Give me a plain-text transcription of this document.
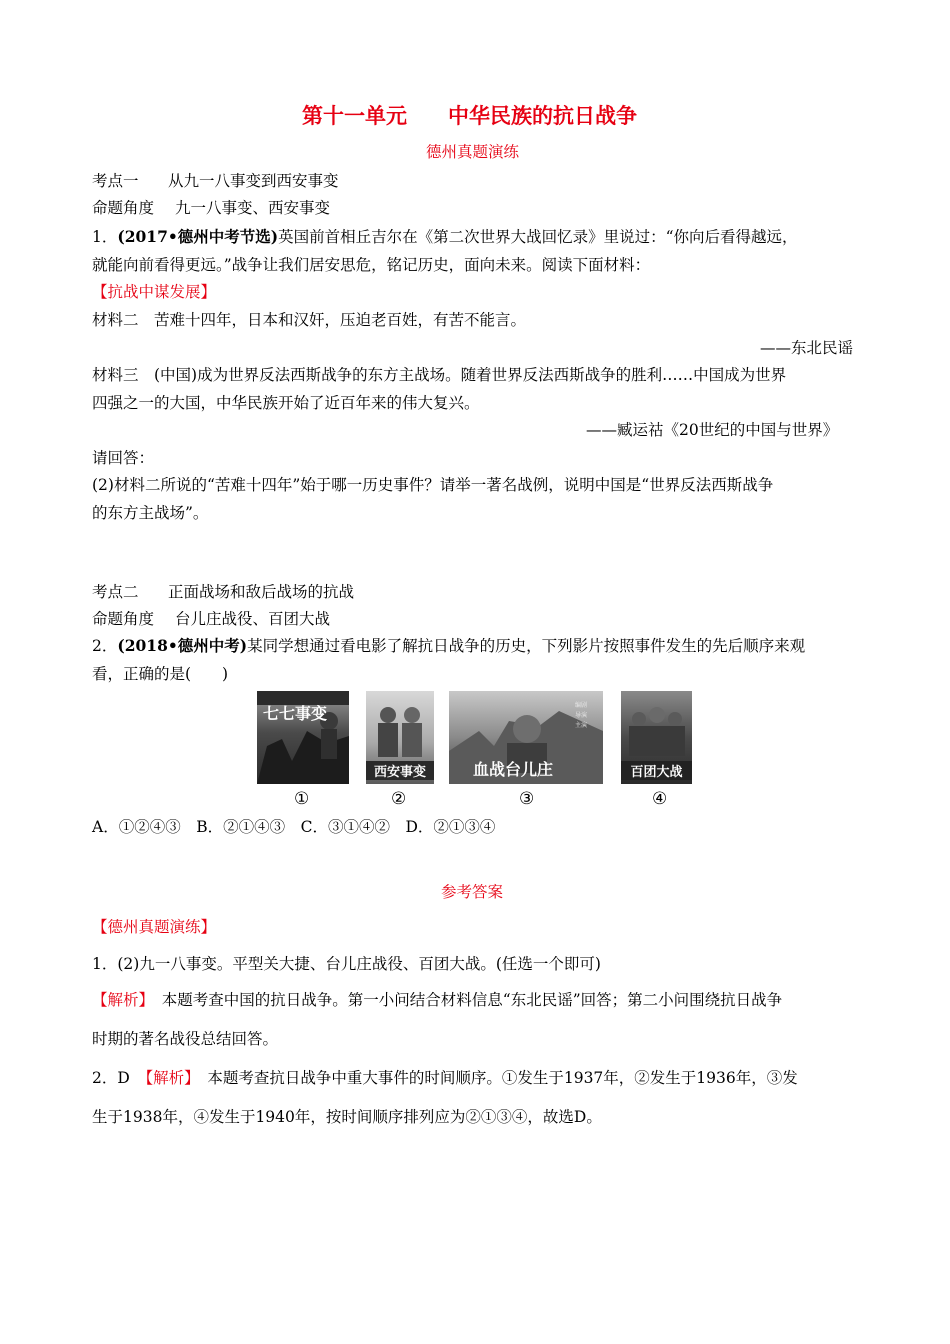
第十一单元 中华民族的抗日战争
德州真题演练
考点一 从九一八事变到西安事变
命题角度 九一八事变、西安事变
1．(2017•德州中考节选)英国前首相丘吉尔在《第二次世界大战回忆录》里说过：“你向后看得越远，
就能向前看得更远。”战争让我们居安思危，铭记历史，面向未来。阅读下面材料：
【抗战中谋发展】
材料二　苦难十四年，日本和汉奸，压迫老百姓，有苦不能言。
——东北民谣
材料三　(中国)成为世界反法西斯战争的东方主战场。随着世界反法西斯战争的胜利……中国成为世界
四强之一的大国，中华民族开始了近百年来的伟大复兴。
——臧运祜《20世纪的中国与世界》
请回答：
(2)材料二所说的“苦难十四年”始于哪一历史事件？请举一著名战例，说明中国是“世界反法西斯战争
的东方主战场”。
考点二 正面战场和敌后战场的抗战
命题角度 台儿庄战役、百团大战
2．(2018•德州中考)某同学想通过看电影了解抗日战争的历史，下列影片按照事件发生的先后顺序来观
看，正确的是(　　)
七七事变
①
西安事变
②
编剧
导演
主演
血战台儿庄
③
百团大战
④
A．①②④③　B．②①④③　C．③①④②　D．②①③④
参考答案
【德州真题演练】
1．(2)九一八事变。平型关大捷、台儿庄战役、百团大战。(任选一个即可)
【解析】　 本题考查中国的抗日战争。第一小问结合材料信息“东北民谣”回答；第二小问围绕抗日战争
时期的著名战役总结回答。
2．D　 【解析】　 本题考查抗日战争中重大事件的时间顺序。①发生于1937年，②发生于1936年，③发
生于1938年，④发生于1940年，按时间顺序排列应为②①③④，故选D。
